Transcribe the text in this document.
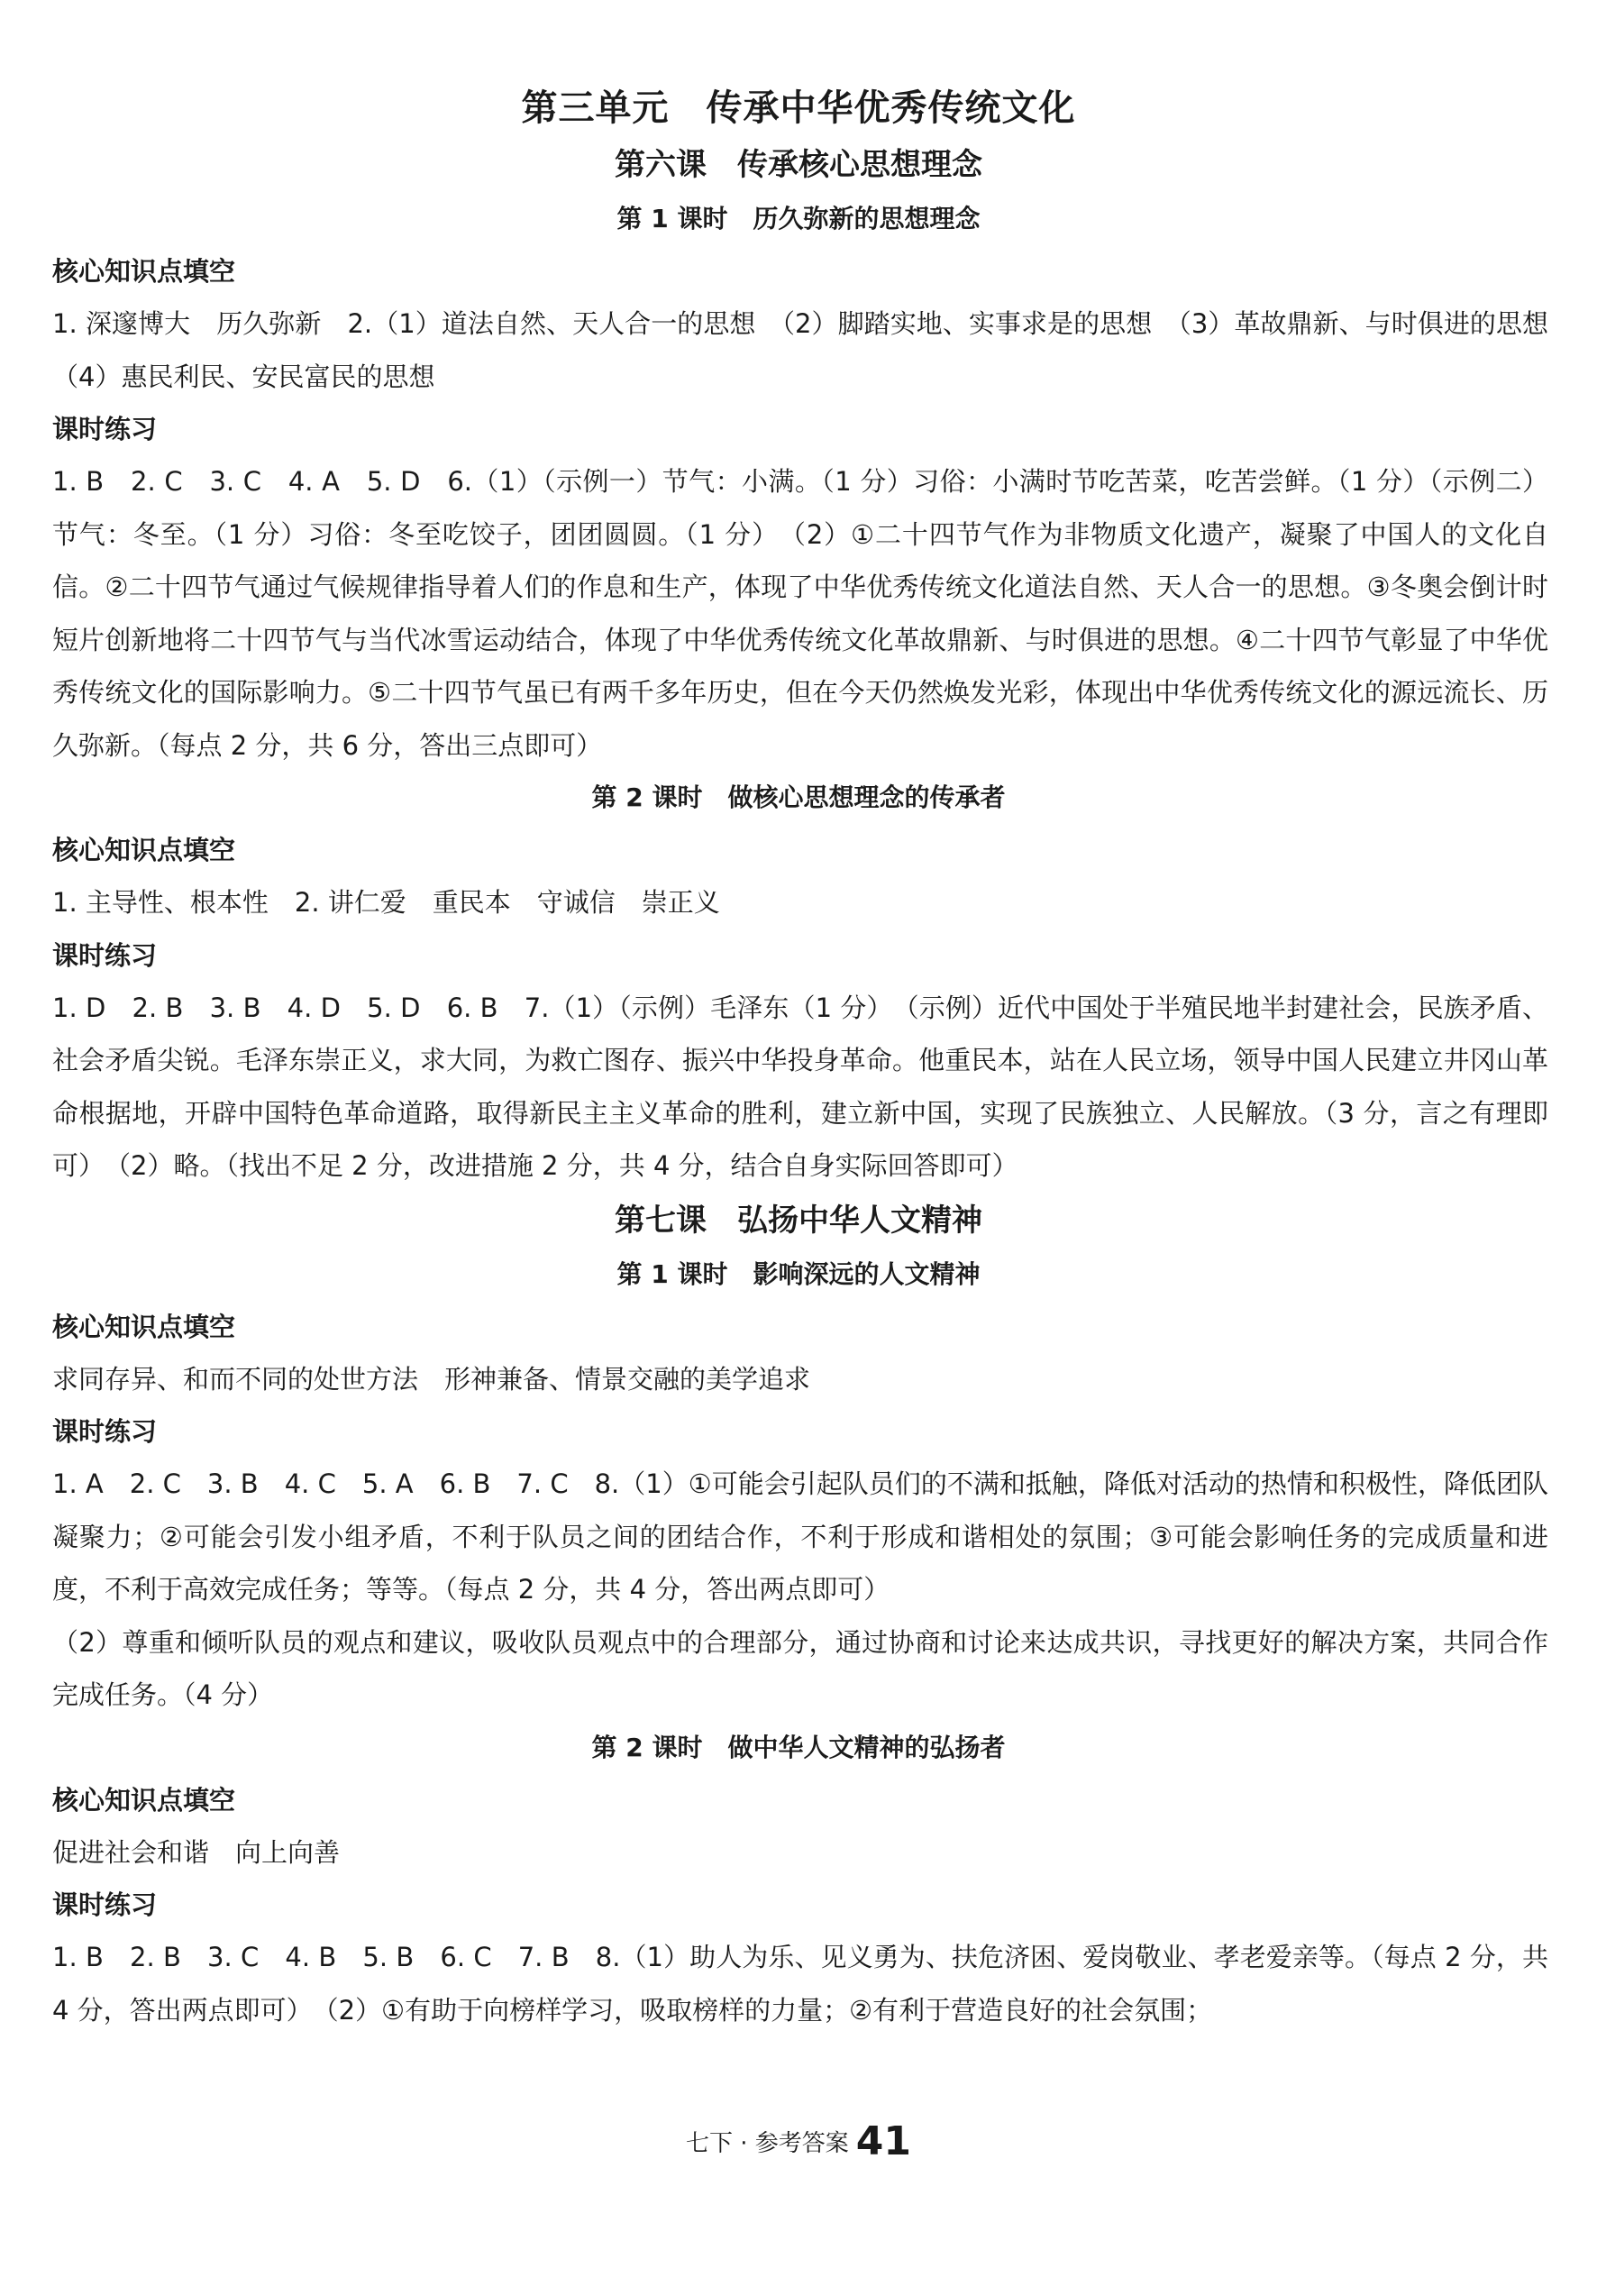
第三单元　传承中华优秀传统文化
第六课　传承核心思想理念
第 1 课时　历久弥新的思想理念
核心知识点填空
1. 深邃博大　历久弥新　2.（1）道法自然、天人合一的思想　（2）脚踏实地、实事求是的思想　（3）革故鼎新、与时俱进的思想　（4）惠民利民、安民富民的思想
课时练习
1. B　2. C　3. C　4. A　5. D　6.（1）（示例一）节气：小满。（1 分）习俗：小满时节吃苦菜，吃苦尝鲜。（1 分）（示例二）节气：冬至。（1 分）习俗：冬至吃饺子，团团圆圆。（1 分）　（2）①二十四节气作为非物质文化遗产，凝聚了中国人的文化自信。②二十四节气通过气候规律指导着人们的作息和生产，体现了中华优秀传统文化道法自然、天人合一的思想。③冬奥会倒计时短片创新地将二十四节气与当代冰雪运动结合，体现了中华优秀传统文化革故鼎新、与时俱进的思想。④二十四节气彰显了中华优秀传统文化的国际影响力。⑤二十四节气虽已有两千多年历史，但在今天仍然焕发光彩，体现出中华优秀传统文化的源远流长、历久弥新。（每点 2 分，共 6 分，答出三点即可）
第 2 课时　做核心思想理念的传承者
核心知识点填空
1. 主导性、根本性　2. 讲仁爱　重民本　守诚信　崇正义
课时练习
1. D　2. B　3. B　4. D　5. D　6. B　7.（1）（示例）毛泽东（1 分）　（示例）近代中国处于半殖民地半封建社会，民族矛盾、社会矛盾尖锐。毛泽东崇正义，求大同，为救亡图存、振兴中华投身革命。他重民本，站在人民立场，领导中国人民建立井冈山革命根据地，开辟中国特色革命道路，取得新民主主义革命的胜利，建立新中国，实现了民族独立、人民解放。（3 分，言之有理即可）　（2）略。（找出不足 2 分，改进措施 2 分，共 4 分，结合自身实际回答即可）
第七课　弘扬中华人文精神
第 1 课时　影响深远的人文精神
核心知识点填空
求同存异、和而不同的处世方法　形神兼备、情景交融的美学追求
课时练习
1. A　2. C　3. B　4. C　5. A　6. B　7. C　8.（1）①可能会引起队员们的不满和抵触，降低对活动的热情和积极性，降低团队凝聚力；②可能会引发小组矛盾，不利于队员之间的团结合作，不利于形成和谐相处的氛围；③可能会影响任务的完成质量和进度，不利于高效完成任务；等等。（每点 2 分，共 4 分，答出两点即可）
（2）尊重和倾听队员的观点和建议，吸收队员观点中的合理部分，通过协商和讨论来达成共识，寻找更好的解决方案，共同合作完成任务。（4 分）
第 2 课时　做中华人文精神的弘扬者
核心知识点填空
促进社会和谐　向上向善
课时练习
1. B　2. B　3. C　4. B　5. B　6. C　7. B　8.（1）助人为乐、见义勇为、扶危济困、爱岗敬业、孝老爱亲等。（每点 2 分，共 4 分，答出两点即可）　（2）①有助于向榜样学习，吸取榜样的力量；②有利于营造良好的社会氛围；
七下 · 参考答案 41
